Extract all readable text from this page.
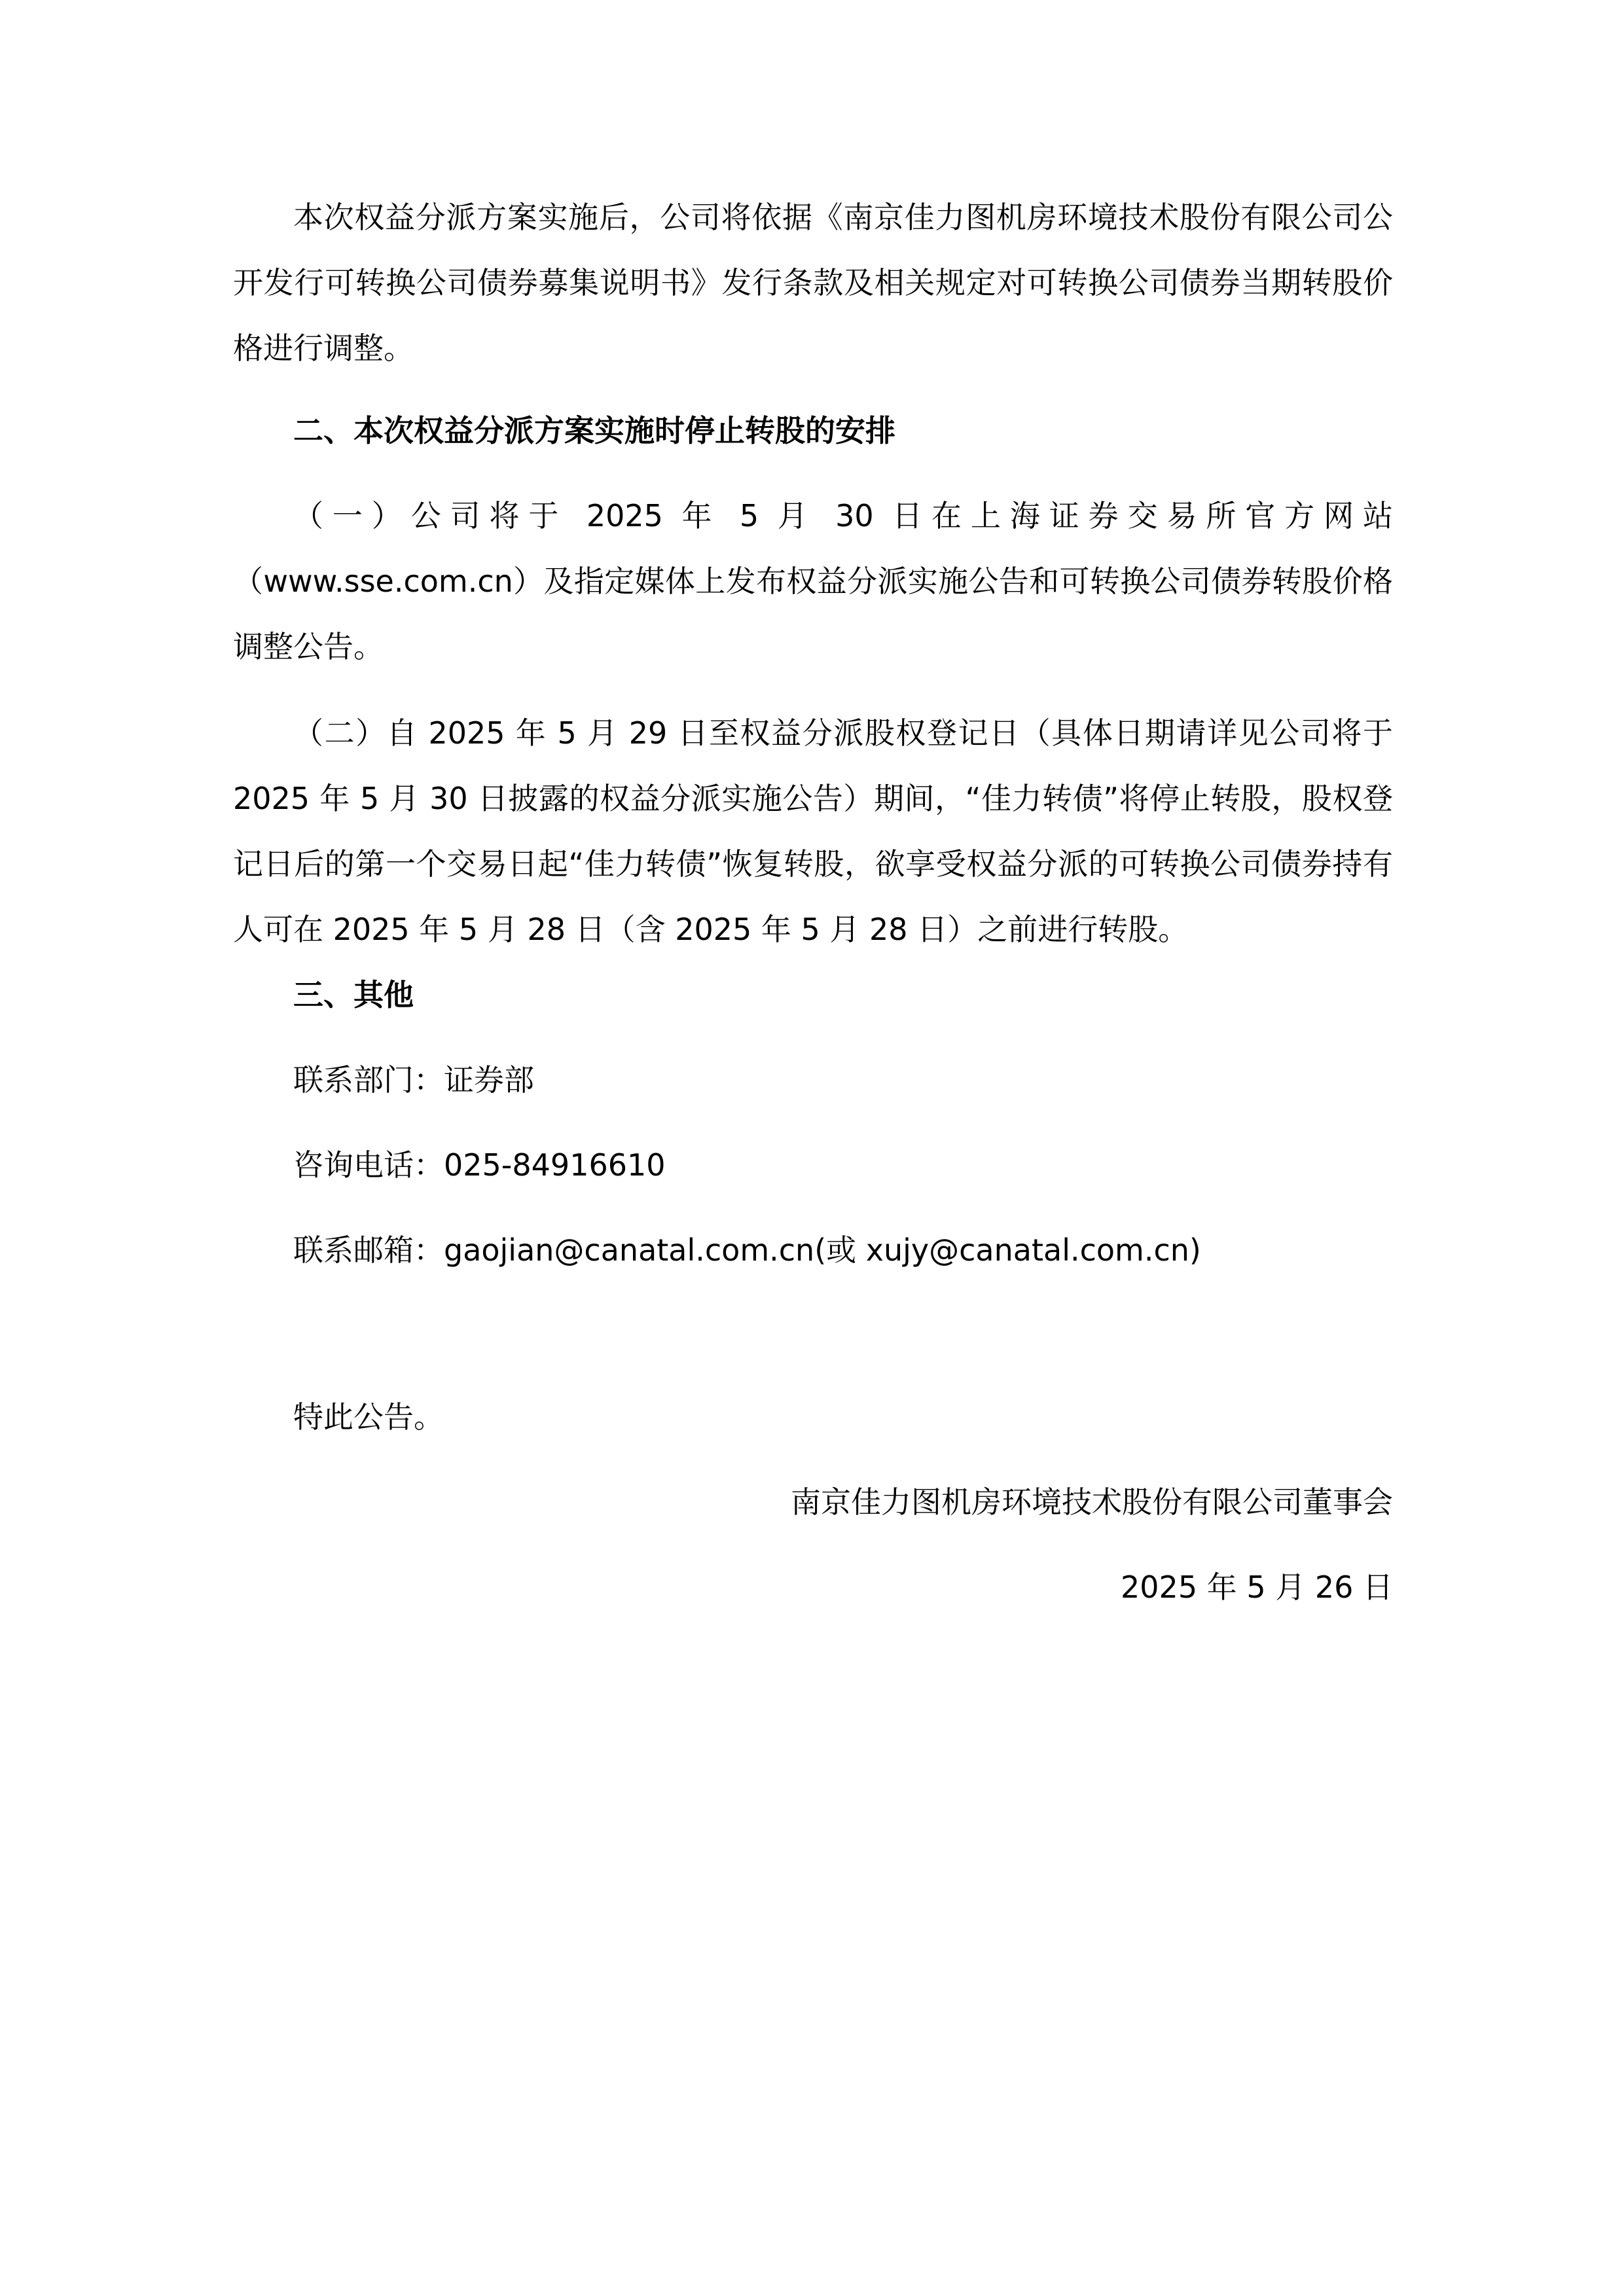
本次权益分派方案实施后，公司将依据《南京佳力图机房环境技术股份有限公司公开发行可转换公司债券募集说明书》发行条款及相关规定对可转换公司债券当期转股价格进行调整。
二、本次权益分派方案实施时停止转股的安排
（一）公司将于 2025 年 5 月 30 日在上海证券交易所官方网站（www.sse.com.cn）及指定媒体上发布权益分派实施公告和可转换公司债券转股价格调整公告。
（二）自 2025 年 5 月 29 日至权益分派股权登记日（具体日期请详见公司将于 2025 年 5 月 30 日披露的权益分派实施公告）期间，“佳力转债”将停止转股，股权登记日后的第一个交易日起“佳力转债”恢复转股，欲享受权益分派的可转换公司债券持有人可在 2025 年 5 月 28 日（含 2025 年 5 月 28 日）之前进行转股。
三、其他
联系部门：证券部
咨询电话：025-84916610
联系邮箱：gaojian@canatal.com.cn(或 xujy@canatal.com.cn)
特此公告。
南京佳力图机房环境技术股份有限公司董事会
2025 年 5 月 26 日
